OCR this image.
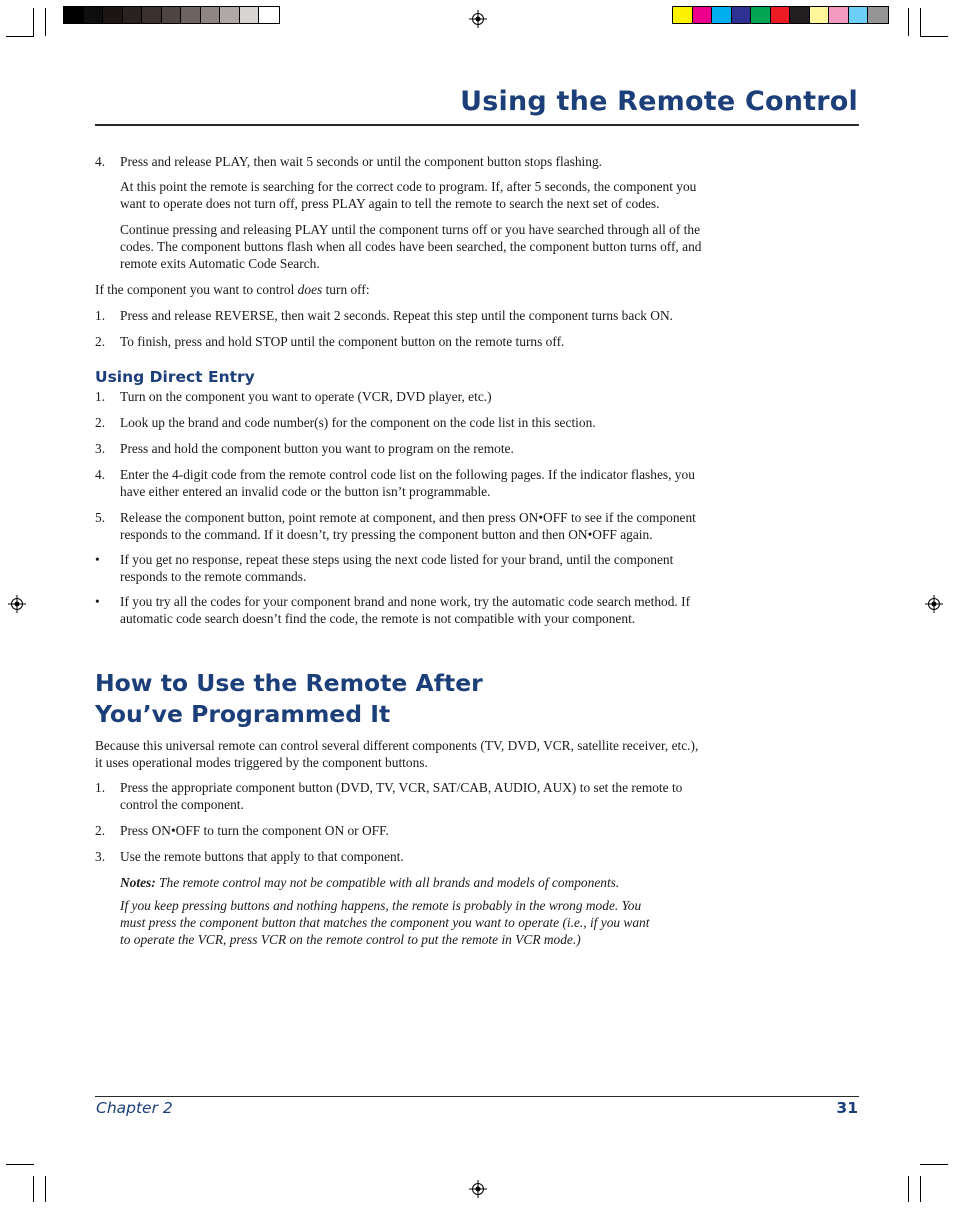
Using the Remote Control
4.	Press and release PLAY, then wait 5 seconds or until the component button stops flashing.

At this point the remote is searching for the correct code to program. If, after 5 seconds, the component you want to operate does not turn off, press PLAY again to tell the remote to search the next set of codes.

Continue pressing and releasing PLAY until the component turns off or you have searched through all of the codes. The component buttons flash when all codes have been searched, the component button turns off, and remote exits Automatic Code Search.

If the component you want to control does turn off:

1.	Press and release REVERSE, then wait 2 seconds. Repeat this step until the component turns back ON.
2.	To finish, press and hold STOP until the component button on the remote turns off.
Using Direct Entry
1.	Turn on the component you want to operate (VCR, DVD player, etc.)
2.	Look up the brand and code number(s) for the component on the code list in this section.
3.	Press and hold the component button you want to program on the remote.
4.	Enter the 4-digit code from the remote control code list on the following pages. If the indicator flashes, you have either entered an invalid code or the button isn’t programmable.
5.	Release the component button, point remote at component, and then press ON•OFF to see if the component responds to the command. If it doesn’t, try pressing the component button and then ON•OFF again.
•	If you get no response, repeat these steps using the next code listed for your brand, until the component responds to the remote commands.
•	If you try all the codes for your component brand and none work, try the automatic code search method. If automatic code search doesn’t find the code, the remote is not compatible with your component.
How to Use the Remote After You’ve Programmed It

Because this universal remote can control several different components (TV, DVD, VCR, satellite receiver, etc.), it uses operational modes triggered by the component buttons.

1.	Press the appropriate component button (DVD, TV, VCR, SAT/CAB, AUDIO, AUX) to set the remote to control the component.
2.	Press ON•OFF to turn the component ON or OFF.
3.	Use the remote buttons that apply to that component.

Notes: The remote control may not be compatible with all brands and models of components.

If you keep pressing buttons and nothing happens, the remote is probably in the wrong mode. You must press the component button that matches the component you want to operate (i.e., if you want to operate the VCR, press VCR on the remote control to put the remote in VCR mode.)

Chapter 2	31
